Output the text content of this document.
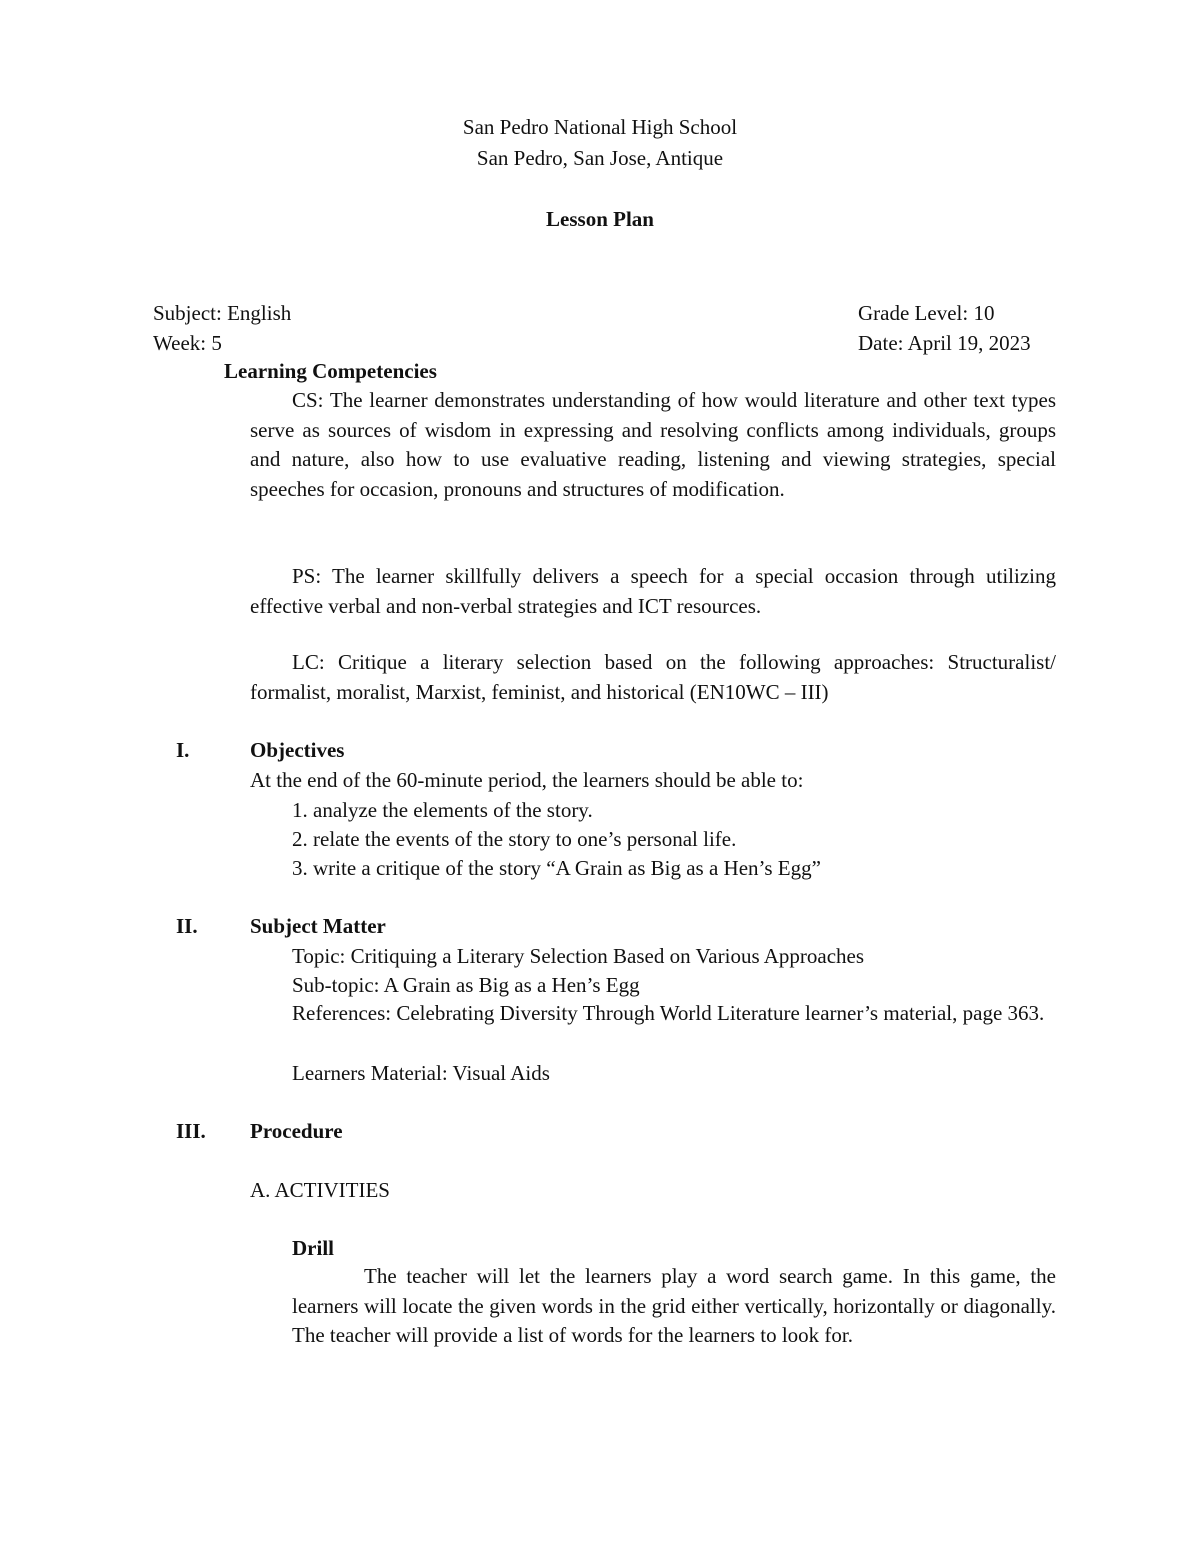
San Pedro National High School
San Pedro, San Jose, Antique
Lesson Plan
Subject: English	Grade Level: 10
Week: 5	Date: April 19, 2023
Learning Competencies
CS: The learner demonstrates understanding of how would literature and other text types serve as sources of wisdom in expressing and resolving conflicts among individuals, groups and nature, also how to use evaluative reading, listening and viewing strategies, special speeches for occasion, pronouns and structures of modification.
PS: The learner skillfully delivers a speech for a special occasion through utilizing effective verbal and non-verbal strategies and ICT resources.
LC: Critique a literary selection based on the following approaches: Structuralist/ formalist, moralist, Marxist, feminist, and historical (EN10WC – III)
I.	Objectives
At the end of the 60-minute period, the learners should be able to:
1. analyze the elements of the story.
2. relate the events of the story to one’s personal life.
3. write a critique of the story “A Grain as Big as a Hen’s Egg”
II. Subject Matter
Topic: Critiquing a Literary Selection Based on Various Approaches
Sub-topic: A Grain as Big as a Hen’s Egg
References: Celebrating Diversity Through World Literature learner’s material, page 363.
Learners Material: Visual Aids
III. Procedure
A. ACTIVITIES
Drill
The teacher will let the learners play a word search game. In this game, the learners will locate the given words in the grid either vertically, horizontally or diagonally. The teacher will provide a list of words for the learners to look for.
